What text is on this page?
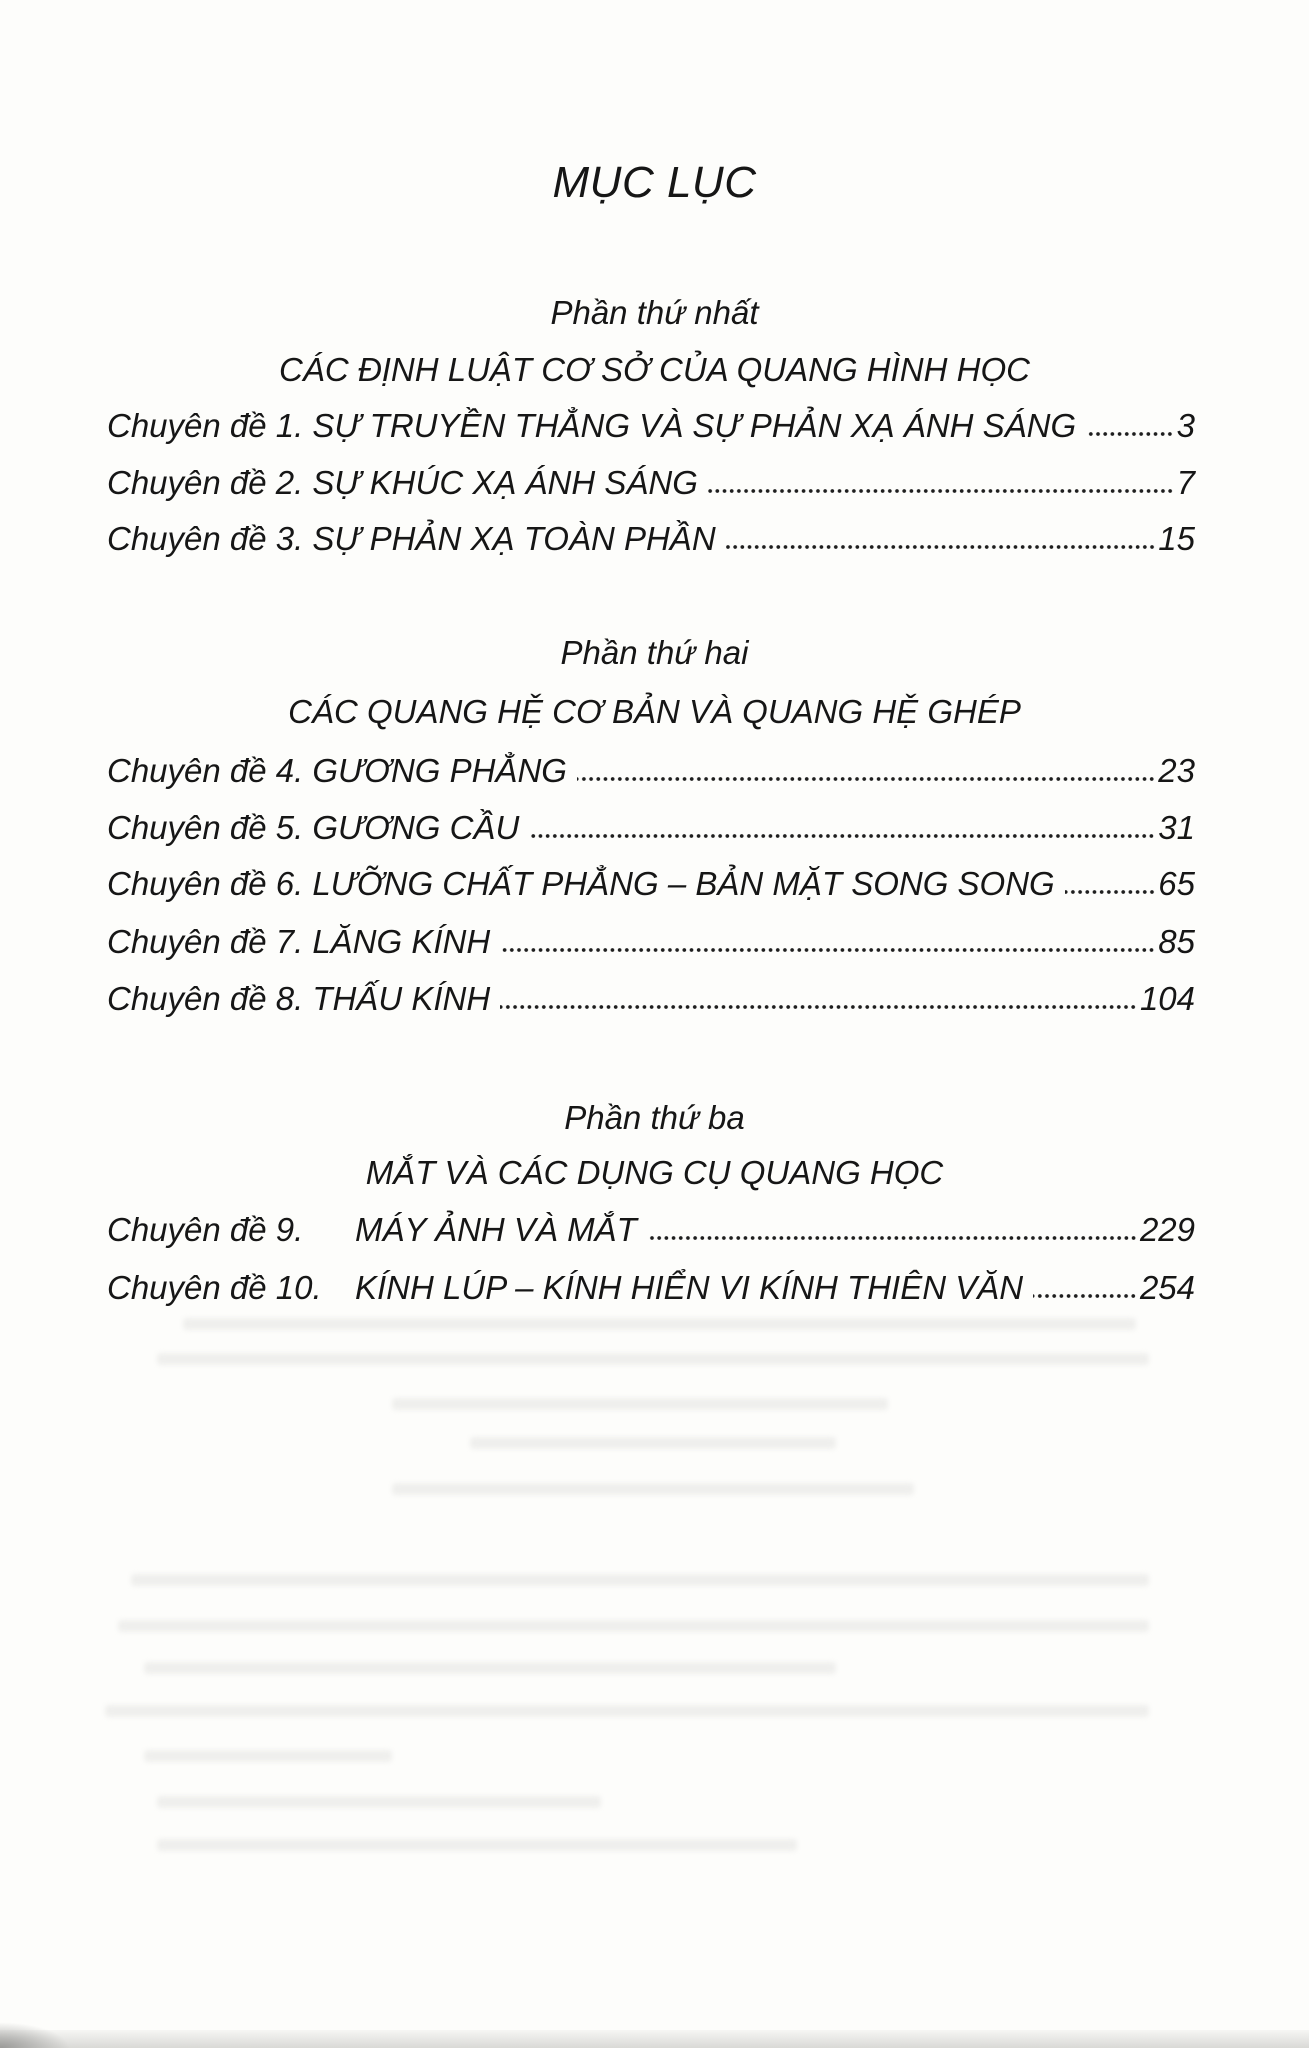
MỤC LỤC
Phần thứ nhất
CÁC ĐỊNH LUẬT CƠ SỞ CỦA QUANG HÌNH HỌC
Chuyên đề 1. SỰ TRUYỀN THẲNG VÀ SỰ PHẢN XẠ ÁNH SÁNG	3
Chuyên đề 2. SỰ KHÚC XẠ ÁNH SÁNG	7
Chuyên đề 3. SỰ PHẢN XẠ TOÀN PHẦN	15
Phần thứ hai
CÁC QUANG HỆ CƠ BẢN VÀ QUANG HỆ GHÉP
Chuyên đề 4. GƯƠNG PHẲNG	23
Chuyên đề 5. GƯƠNG CẦU	31
Chuyên đề 6. LƯỠNG CHẤT PHẲNG – BẢN MẶT SONG SONG	65
Chuyên đề 7. LĂNG KÍNH	85
Chuyên đề 8. THẤU KÍNH	104
Phần thứ ba
MẮT VÀ CÁC DỤNG CỤ QUANG HỌC
Chuyên đề 9.	MÁY ẢNH VÀ MẮT	229
Chuyên đề 10.	KÍNH LÚP – KÍNH HIỂN VI KÍNH THIÊN VĂN	254
